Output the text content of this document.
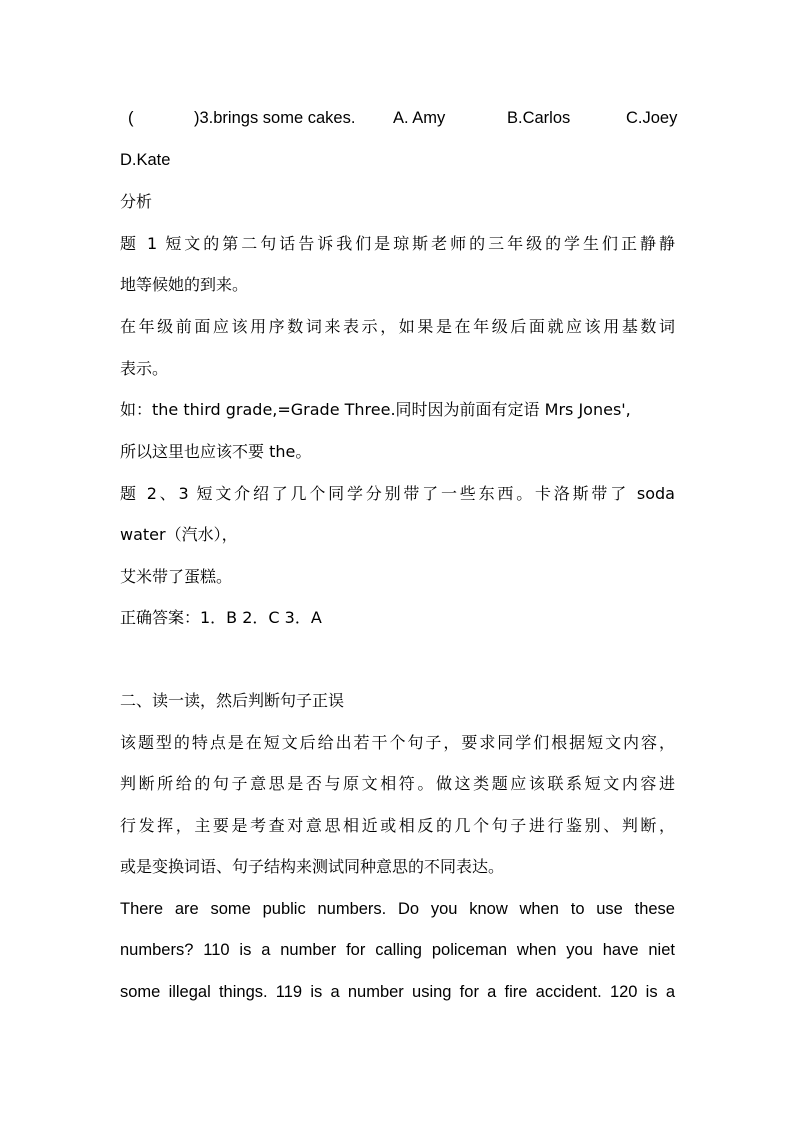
(	)3.brings some cakes. A. Amy	B.Carlos	C.Joey
D.Kate
分析
题 1 短文的第二句话告诉我们是琼斯老师的三年级的学生们正静静
地等候她的到来。
在年级前面应该用序数词来表示，如果是在年级后面就应该用基数词
表示。
如：the third grade,=Grade Three.同时因为前面有定语 Mrs Jones',
所以这里也应该不要 the。
题 2、3 短文介绍了几个同学分别带了一些东西。卡洛斯带了 soda
water（汽水），
艾米带了蛋糕。
正确答案：1．B 2．C 3．A
二、读一读，然后判断句子正误
该题型的特点是在短文后给出若干个句子，要求同学们根据短文内容，
判断所给的句子意思是否与原文相符。做这类题应该联系短文内容进
行发挥，主要是考查对意思相近或相反的几个句子进行鉴别、判断，
或是变换词语、句子结构来测试同种意思的不同表达。
There are some public numbers. Do you know when to use these
numbers? 110 is a number for calling policeman when you have niet
some illegal things. 119 is a number using for a fire accident. 120 is a
